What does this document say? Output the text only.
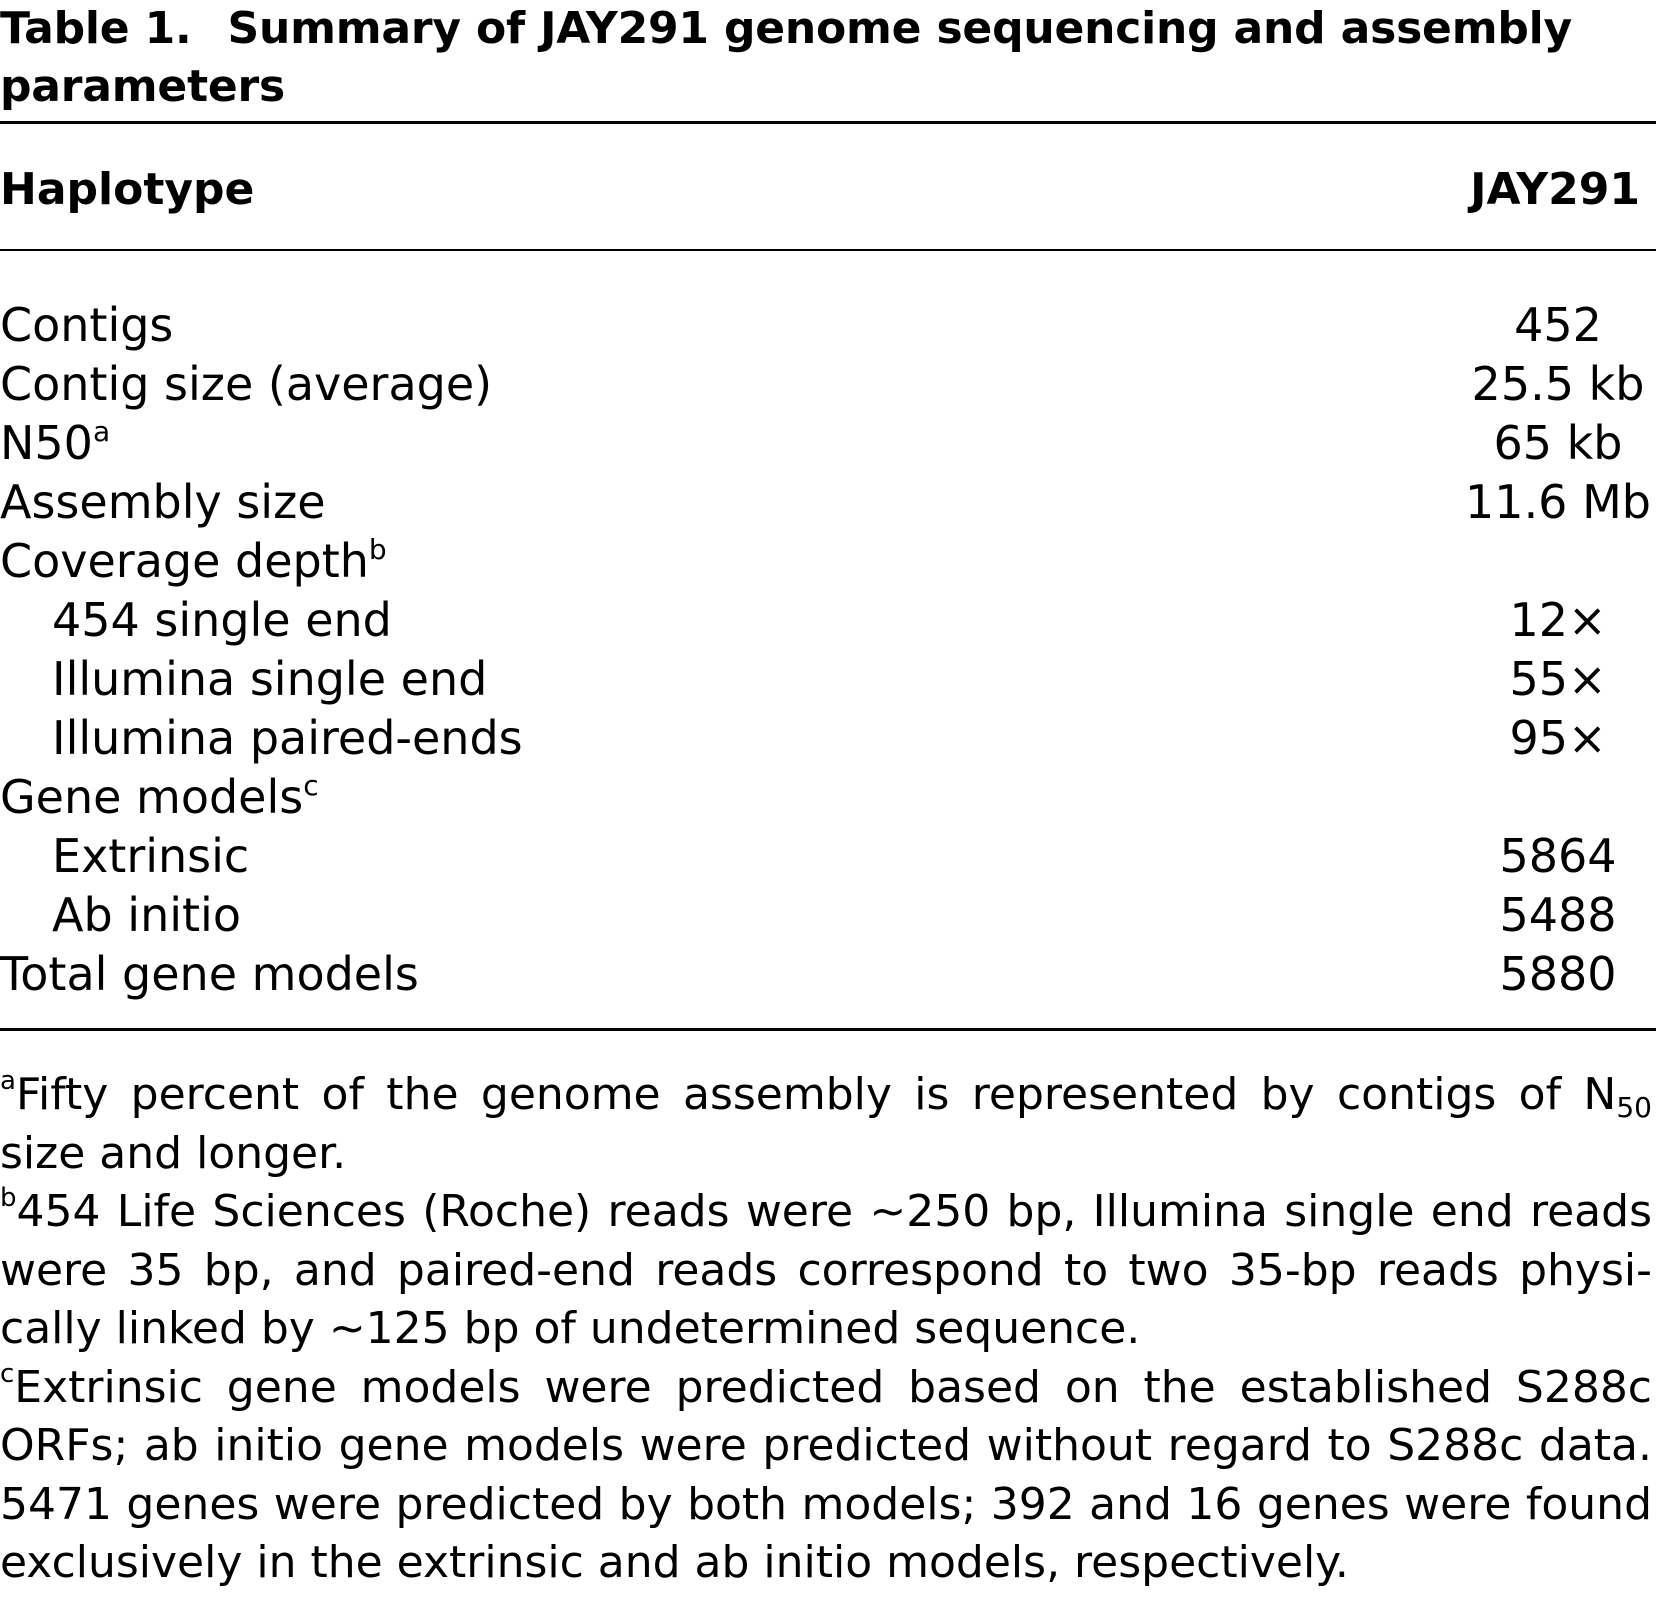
Table 1. Summary of JAY291 genome sequencing and assembly parameters
Haplotype	JAY291
Contigs	452
Contig size (average)	25.5 kb
N50$^a$	65 kb
Assembly size	11.6 Mb
Coverage depth$^b$
454 single end	12×
Illumina single end	55×
Illumina paired-ends	95×
Gene models$^c$
Extrinsic	5864
Ab initio	5488
Total gene models	5880
$^a$Fifty percent of the genome assembly is represented by contigs of $N_{50}$ size and longer.
$^b$454 Life Sciences (Roche) reads were ~250 bp, Illumina single end reads were 35 bp, and paired-end reads correspond to two 35-bp reads physically linked by ~125 bp of undetermined sequence.
$^c$Extrinsic gene models were predicted based on the established S288c ORFs; ab initio gene models were predicted without regard to S288c data. 5471 genes were predicted by both models; 392 and 16 genes were found exclusively in the extrinsic and ab initio models, respectively.
